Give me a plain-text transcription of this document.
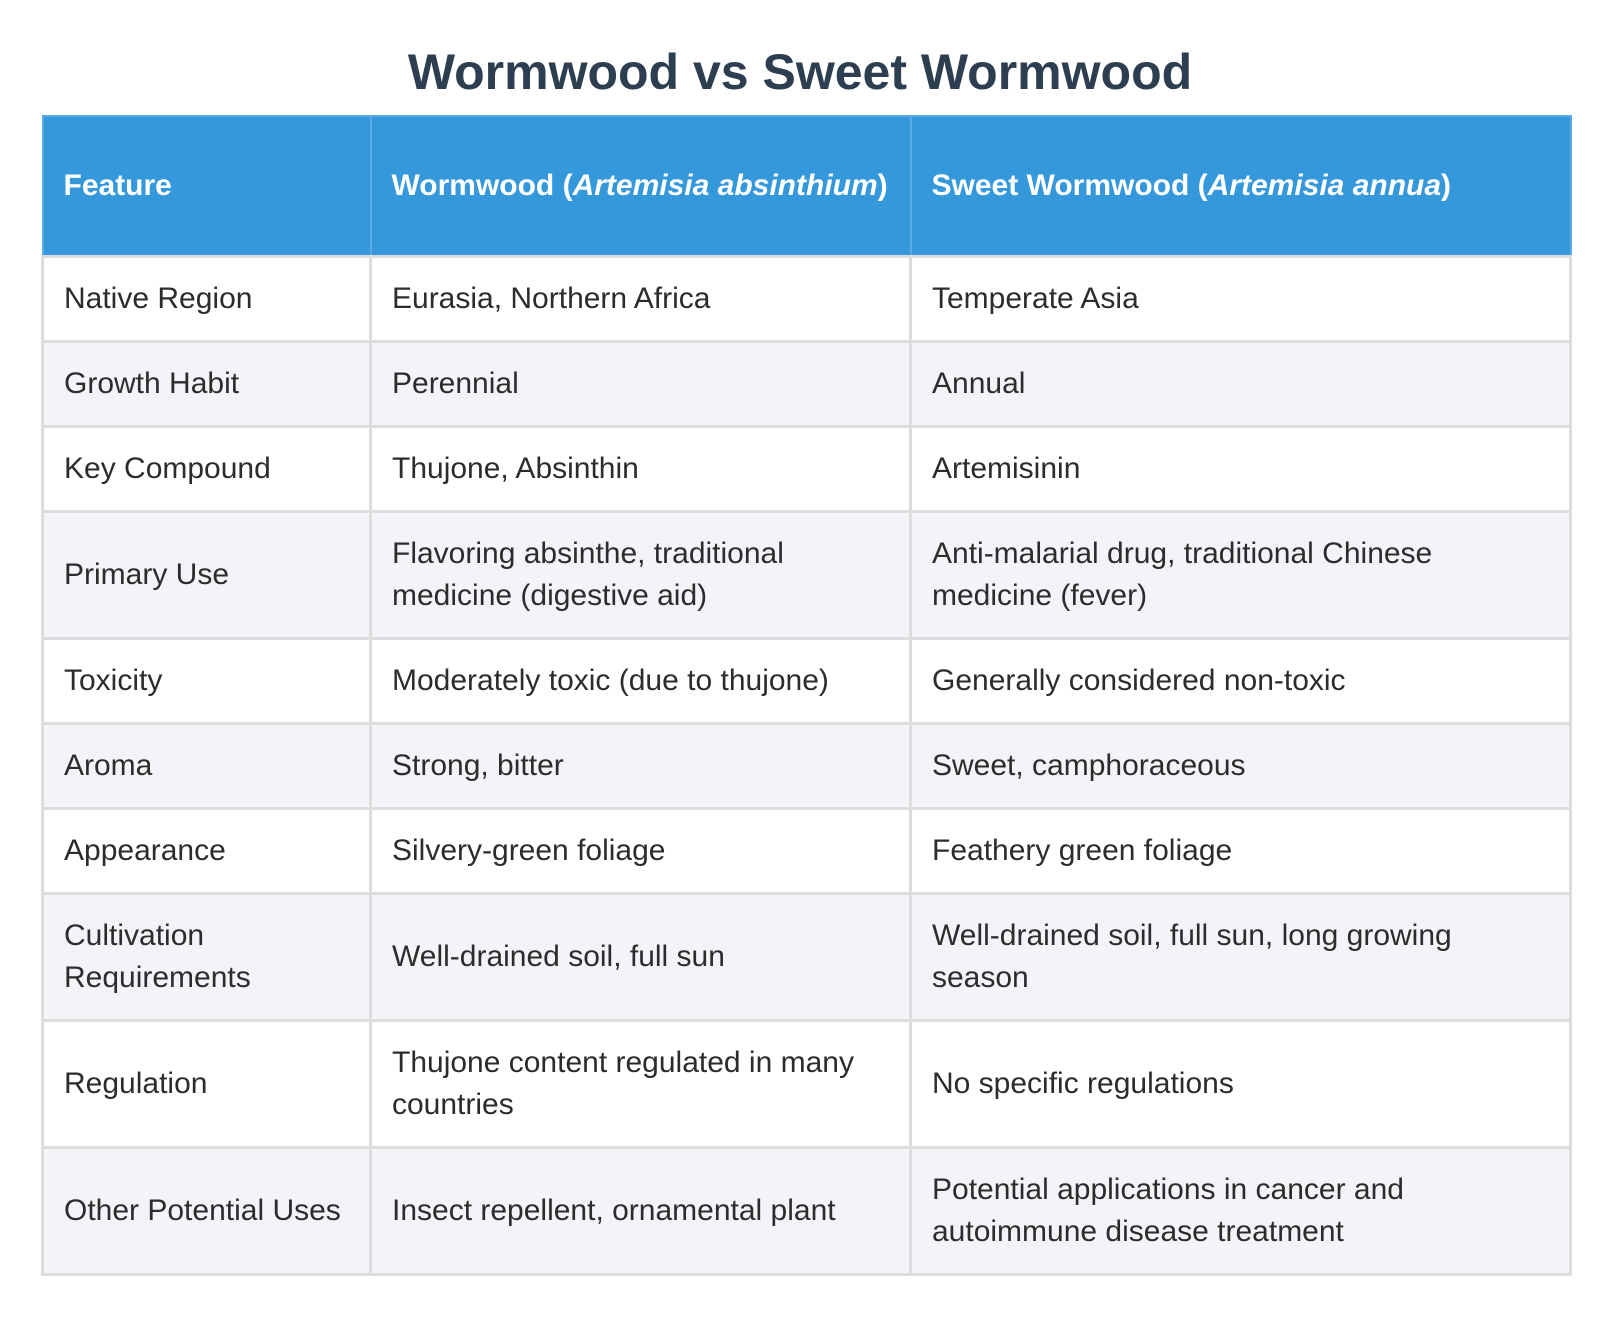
Wormwood vs Sweet Wormwood
Feature	Wormwood (Artemisia absinthium)	Sweet Wormwood (Artemisia annua)
Native Region	Eurasia, Northern Africa	Temperate Asia
Growth Habit	Perennial	Annual
Key Compound	Thujone, Absinthin	Artemisinin
Primary Use	Flavoring absinthe, traditional medicine (digestive aid)	Anti-malarial drug, traditional Chinese medicine (fever)
Toxicity	Moderately toxic (due to thujone)	Generally considered non-toxic
Aroma	Strong, bitter	Sweet, camphoraceous
Appearance	Silvery-green foliage	Feathery green foliage
Cultivation Requirements	Well-drained soil, full sun	Well-drained soil, full sun, long growing season
Regulation	Thujone content regulated in many countries	No specific regulations
Other Potential Uses	Insect repellent, ornamental plant	Potential applications in cancer and autoimmune disease treatment
